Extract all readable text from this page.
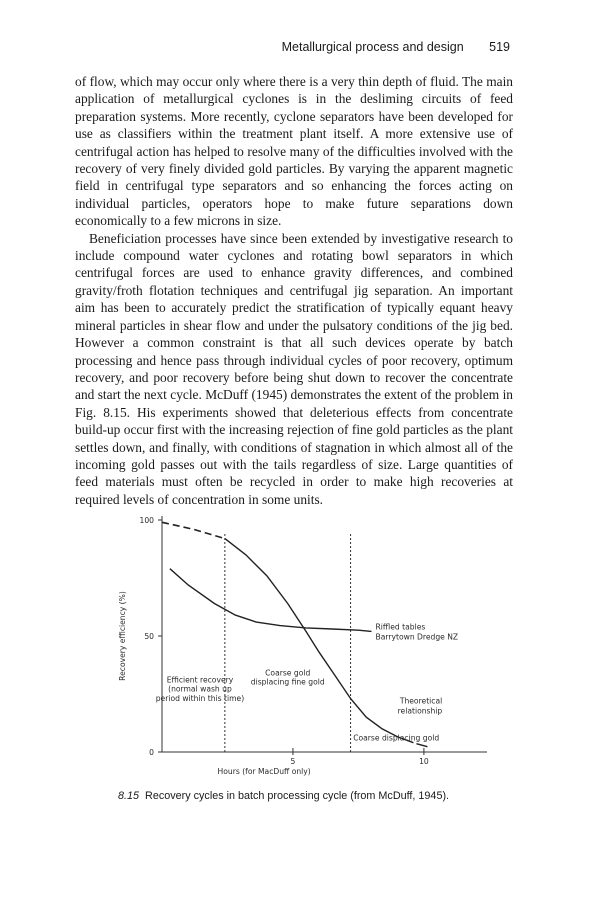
Metallurgical process and design 519

of flow, which may occur only where there is a very thin depth of fluid. The main application of metallurgical cyclones is in the desliming circuits of feed preparation systems. More recently, cyclone separators have been developed for use as classifiers within the treatment plant itself. A more extensive use of centrifugal action has helped to resolve many of the difficulties involved with the recovery of very finely divided gold particles. By varying the apparent magnetic field in centrifugal type separators and so enhancing the forces acting on individual particles, operators hope to make future separations down economically to a few microns in size.

Beneficiation processes have since been extended by investigative research to include compound water cyclones and rotating bowl separators in which centrifugal forces are used to enhance gravity differences, and combined gravity/froth flotation techniques and centrifugal jig separation. An important aim has been to accurately predict the stratification of typically equant heavy mineral particles in shear flow and under the pulsatory conditions of the jig bed. However a common constraint is that all such devices operate by batch processing and hence pass through individual cycles of poor recovery, optimum recovery, and poor recovery before being shut down to recover the concentrate and start the next cycle. McDuff (1945) demonstrates the extent of the problem in Fig. 8.15. His experiments showed that deleterious effects from concentrate build-up occur first with the increasing rejection of fine gold particles as the plant settles down, and finally, with conditions of stagnation in which almost all of the incoming gold passes out with the tails regardless of size. Large quantities of feed materials must often be recycled in order to make high recoveries at required levels of concentration in some units.

0
50
100
5	10
Recovery efficiency (%)
Hours (for MacDuff only)
Efficient recovery
(normal wash up
period within this time)
Coarse gold
displacing fine gold
Coarse displacing gold
Riffled tables
Barrytown Dredge NZ
Theoretical
relationship
8.15 Recovery cycles in batch processing cycle (from McDuff, 1945).
